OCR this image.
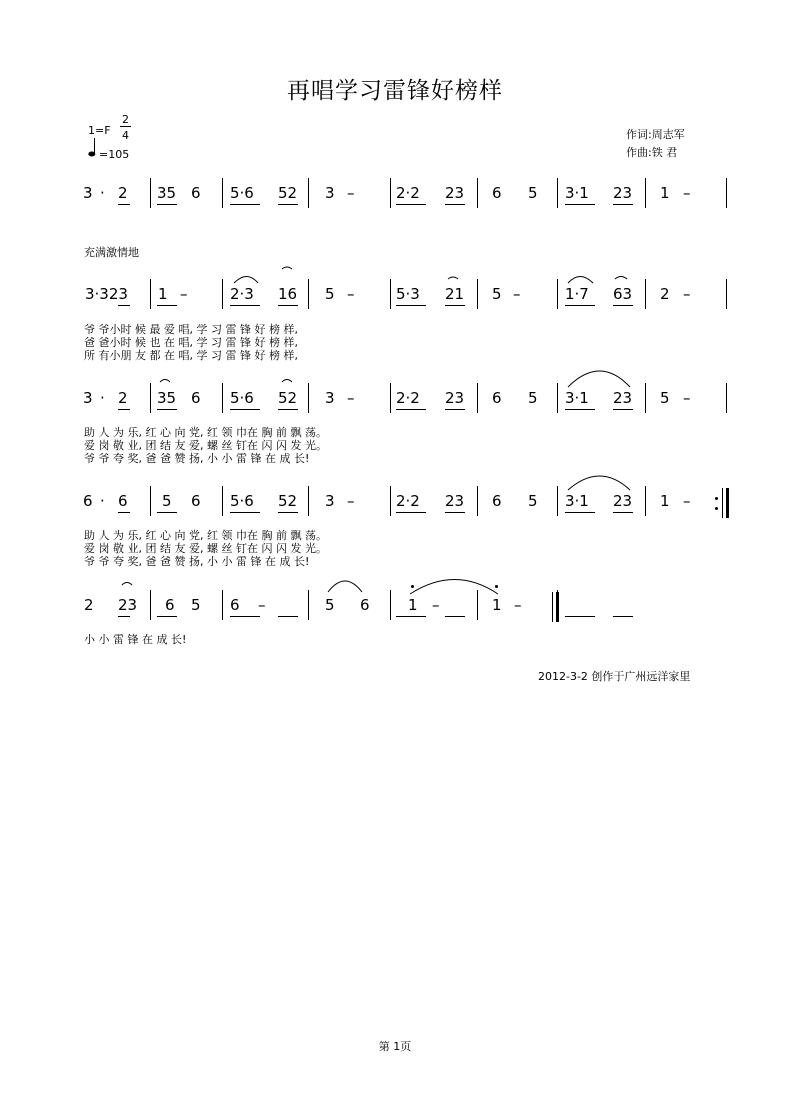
再唱学习雷锋好榜样
1=F
2
4
=105
作词:周志军
作曲:铁 君
充满激情地
3 · 2 35 6 5·6 52 3 –	2·2 23 6 5 3·1 23 1 –
3·323 1 –	2·3 16 5 –	5·3 21 5 –	1·7 63 2 –
3 · 2 35 6 5·6 52 3 –	2·2 23 6 5 3·1 23 5 –
6 · 6 5 6 5·6 52 3 –	2·2 23 6 5 3·1 23 1 –
2 23 6 5 6 –	5 6	1 –	1 –
爷 爷小时 候 最 爱 唱, 学 习 雷 锋 好 榜 样,
爸 爸小时 候 也 在 唱, 学 习 雷 锋 好 榜 样,
所 有小朋 友 都 在 唱, 学 习 雷 锋 好 榜 样,
助 人 为 乐, 红 心 向 党, 红 领 巾在 胸 前 飘 荡。
爱 岗 敬 业, 团 结 友 爱, 螺 丝 钉在 闪 闪 发 光。
爷 爷 夸 奖, 爸 爸 赞 扬, 小 小 雷 锋 在 成 长!
助 人 为 乐, 红 心 向 党, 红 领 巾在 胸 前 飘 荡。
爱 岗 敬 业, 团 结 友 爱, 螺 丝 钉在 闪 闪 发 光。
爷 爷 夸 奖, 爸 爸 赞 扬, 小 小 雷 锋 在 成 长!
小 小 雷 锋 在 成 长!
2012-3-2 创作于广州远洋家里
第 1页
